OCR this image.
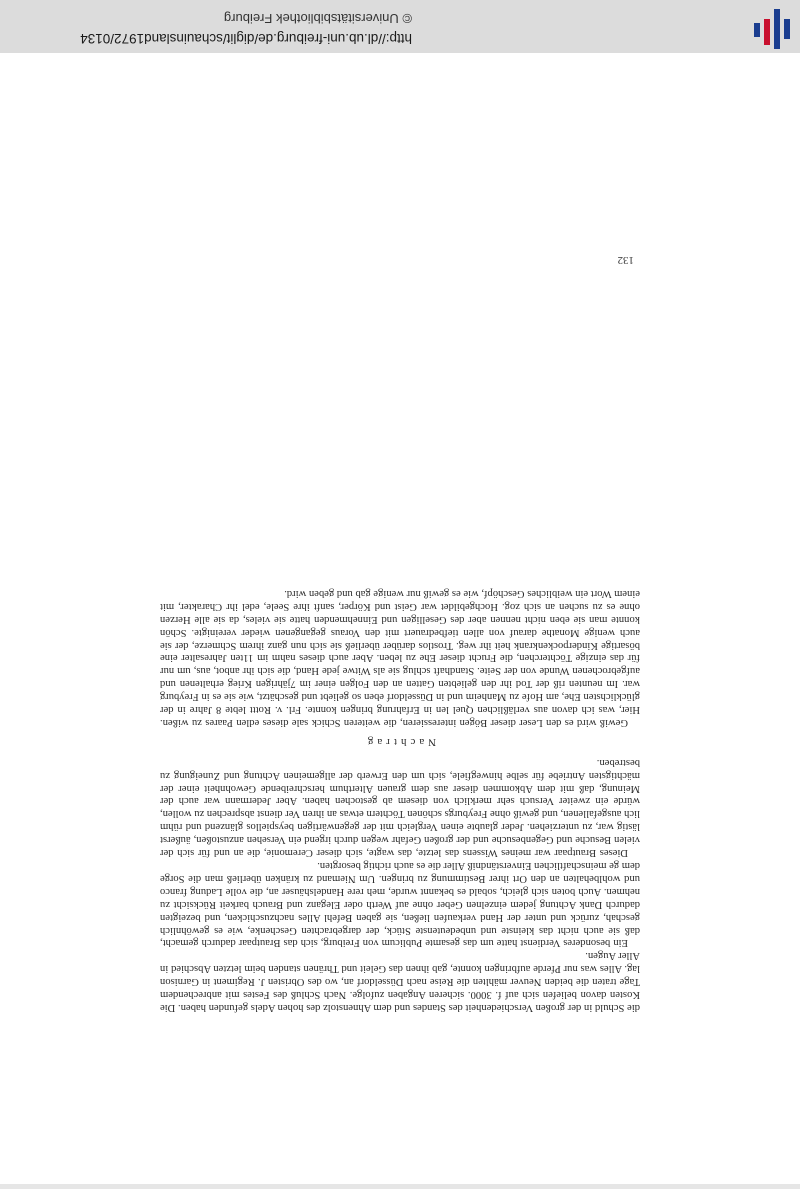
die Schuld in der großen Verschiedenheit des Standes und dem Ahnenstolz des hohen Adels gefunden haben. Die Kosten davon beliefen sich auf f. 3000. sicheren Angaben zufolge. Nach Schluß des Festes mit anbrechendem Tage traten die beiden Neuver mählten die Reise nach Düsseldorf an, wo des Obristen J. Regiment in Garnison lag. Alles was nur Pferde aufbringen konnte, gab ihnen das Geleit und Thränen standen beim letzten Abschied in Aller Augen.

Ein besonderes Verdienst hatte um das gesamte Publicum von Freiburg, sich das Brautpaar dadurch gemacht, daß sie auch nicht das kleinste und unbedeutenste Stück, der dargebrachten Geschenke, wie es gewöhnlich geschah, zurück und unter der Hand verkaufen ließen, sie gaben Befehl Alles nachzuschicken, und bezeigten dadurch Dank Achtung jedem einzelnen Geber ohne auf Werth oder Eleganz und Brauch barkeit Rücksicht zu nehmen. Auch boten sich gleich, sobald es bekannt wurde, meh rere Handelshäuser an, die volle Ladung franco und wohlbehalten an den Ort ihrer Bestimmung zu bringen. Um Niemand zu kränken überließ man die Sorge dem ge meinschaftlichen Einverständniß Aller die es auch richtig besorgten.

Dieses Brautpaar war meines Wissens das letzte, das wagte, sich dieser Ceremonie, die an und für sich der vielen Besuche und Gegenbesuche und der großen Gefahr wegen durch irgend ein Versehen anzustoßen, äußerst lästig war, zu unterziehen. Jeder glaubte einen Vergleich mit der gegenwärtigen beyspiellos glänzend und rühm lich ausgefallenen, und gewiß ohne Freyburgs schönen Töchtern etwas an ihren Ver dienst absprechen zu wollen, würde ein zweiter Versuch sehr merklich von diesem ab gestochen haben. Aber Jedermann war auch der Meinung, daß mit dem Abkommen dieser aus dem grauen Alterthum herschreibende Gewohnheit einer der mächtigsten Antriebe für selbe hinwegfiele, sich um den Erwerb der allgemeinen Achtung und Zuneigung zu bestreben.

Nachtrag

Gewiß wird es den Leser dieser Bögen interessieren, die weiteren Schick sale dieses edlen Paares zu wißen. Hier, was ich davon aus verläßlichen Quel len in Erfahrung bringen konnte. Frl. v. Rottt lebte 8 Jahre in der glücklichsten Ehe, am Hofe zu Manheim und in Düsseldorf eben so geliebt und geschätzt, wie sie es in Freyburg war. Im neunten riß der Tod ihr den geliebten Gatten an den Folgen einer im 7jährigen Krieg erhaltenen und aufgebrochenen Wunde von der Seite. Standhaft schlug sie als Witwe jede Hand, die sich ihr anbot, aus, um nur für das einzige Töchterchen, die Frucht dieser Ehe zu leben. Aber auch dieses nahm im 11ten Jahresalter eine bösartige Kinderpockenkrank heit ihr weg. Trostlos darüber überließ sie sich nun ganz ihrem Schmerze, der sie auch wenige Monathe darauf von allen tiefbedrauert mit den Voraus gegangenen wieder vereinigte. Schön konnte man sie eben nicht nennen aber des Geselligen und Einnehmenden hatte sie vieles, da sie alle Herzen ohne es zu suchen an sich zog. Hochgebildet war Geist und Körper, sanft ihre Seele, edel ihr Charakter, mit einem Wort ein weibliches Geschöpf, wie es gewiß nur wenige gab und geben wird.

132
http://dl.ub.uni-freiburg.de/diglit/schauinsland1972/0134
© Universitätsbibliothek Freiburg
